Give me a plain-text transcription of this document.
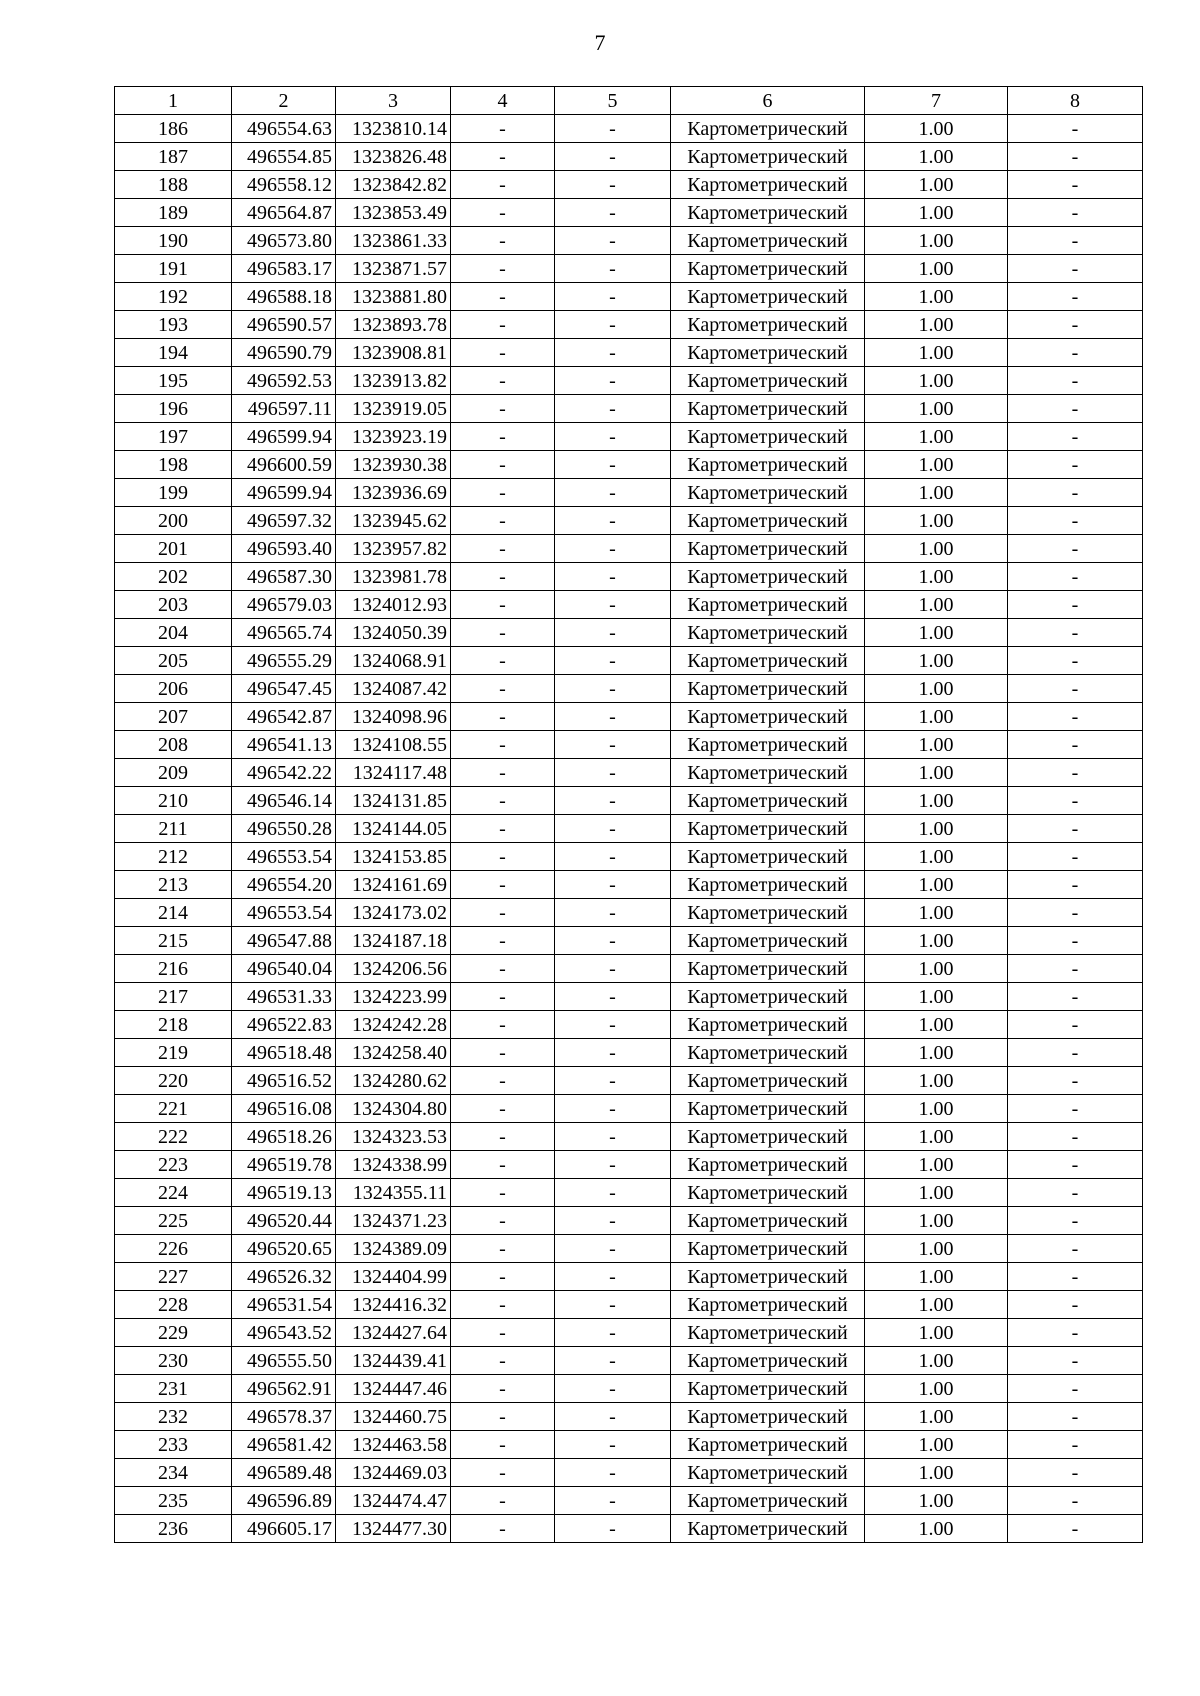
7
1	2	3	4	5	6	7	8
186	496554.63	1323810.14	-	-	Картометрический	1.00	-
187	496554.85	1323826.48	-	-	Картометрический	1.00	-
188	496558.12	1323842.82	-	-	Картометрический	1.00	-
189	496564.87	1323853.49	-	-	Картометрический	1.00	-
190	496573.80	1323861.33	-	-	Картометрический	1.00	-
191	496583.17	1323871.57	-	-	Картометрический	1.00	-
192	496588.18	1323881.80	-	-	Картометрический	1.00	-
193	496590.57	1323893.78	-	-	Картометрический	1.00	-
194	496590.79	1323908.81	-	-	Картометрический	1.00	-
195	496592.53	1323913.82	-	-	Картометрический	1.00	-
196	496597.11	1323919.05	-	-	Картометрический	1.00	-
197	496599.94	1323923.19	-	-	Картометрический	1.00	-
198	496600.59	1323930.38	-	-	Картометрический	1.00	-
199	496599.94	1323936.69	-	-	Картометрический	1.00	-
200	496597.32	1323945.62	-	-	Картометрический	1.00	-
201	496593.40	1323957.82	-	-	Картометрический	1.00	-
202	496587.30	1323981.78	-	-	Картометрический	1.00	-
203	496579.03	1324012.93	-	-	Картометрический	1.00	-
204	496565.74	1324050.39	-	-	Картометрический	1.00	-
205	496555.29	1324068.91	-	-	Картометрический	1.00	-
206	496547.45	1324087.42	-	-	Картометрический	1.00	-
207	496542.87	1324098.96	-	-	Картометрический	1.00	-
208	496541.13	1324108.55	-	-	Картометрический	1.00	-
209	496542.22	1324117.48	-	-	Картометрический	1.00	-
210	496546.14	1324131.85	-	-	Картометрический	1.00	-
211	496550.28	1324144.05	-	-	Картометрический	1.00	-
212	496553.54	1324153.85	-	-	Картометрический	1.00	-
213	496554.20	1324161.69	-	-	Картометрический	1.00	-
214	496553.54	1324173.02	-	-	Картометрический	1.00	-
215	496547.88	1324187.18	-	-	Картометрический	1.00	-
216	496540.04	1324206.56	-	-	Картометрический	1.00	-
217	496531.33	1324223.99	-	-	Картометрический	1.00	-
218	496522.83	1324242.28	-	-	Картометрический	1.00	-
219	496518.48	1324258.40	-	-	Картометрический	1.00	-
220	496516.52	1324280.62	-	-	Картометрический	1.00	-
221	496516.08	1324304.80	-	-	Картометрический	1.00	-
222	496518.26	1324323.53	-	-	Картометрический	1.00	-
223	496519.78	1324338.99	-	-	Картометрический	1.00	-
224	496519.13	1324355.11	-	-	Картометрический	1.00	-
225	496520.44	1324371.23	-	-	Картометрический	1.00	-
226	496520.65	1324389.09	-	-	Картометрический	1.00	-
227	496526.32	1324404.99	-	-	Картометрический	1.00	-
228	496531.54	1324416.32	-	-	Картометрический	1.00	-
229	496543.52	1324427.64	-	-	Картометрический	1.00	-
230	496555.50	1324439.41	-	-	Картометрический	1.00	-
231	496562.91	1324447.46	-	-	Картометрический	1.00	-
232	496578.37	1324460.75	-	-	Картометрический	1.00	-
233	496581.42	1324463.58	-	-	Картометрический	1.00	-
234	496589.48	1324469.03	-	-	Картометрический	1.00	-
235	496596.89	1324474.47	-	-	Картометрический	1.00	-
236	496605.17	1324477.30	-	-	Картометрический	1.00	-
